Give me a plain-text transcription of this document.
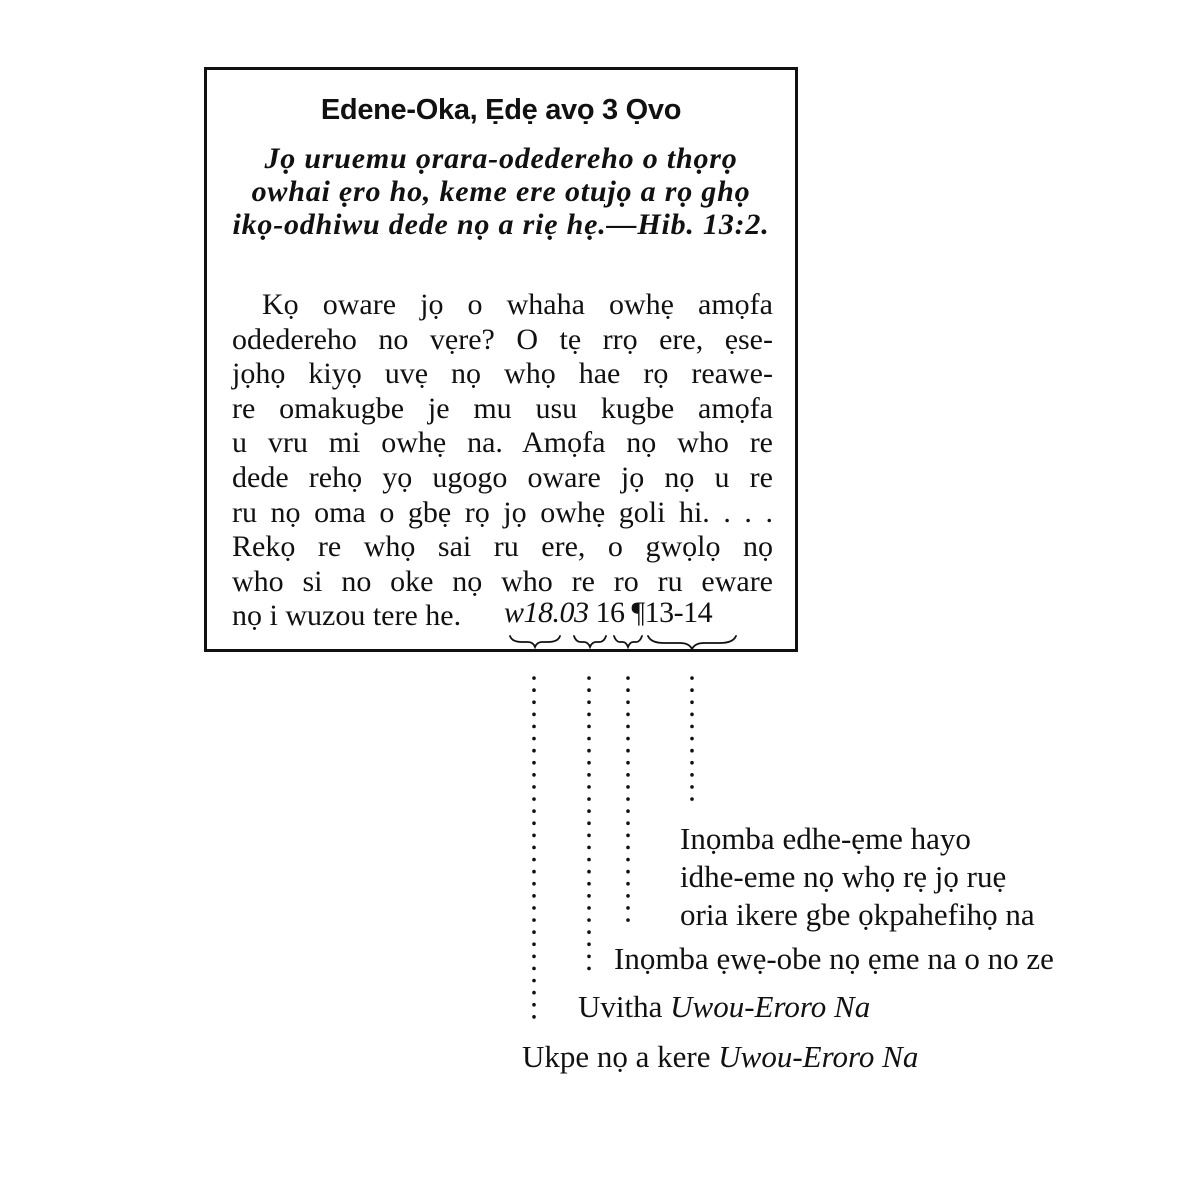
Edene-Oka, Ẹdẹ avọ 3 Ọvo
Jọ uruemu ọrara-odedereho o thọrọ owhai ẹro ho, keme ere otujọ a rọ ghọ ikọ-odhiwu dede nọ a riẹ hẹ.—Hib. 13:2.
Kọ oware jọ o whaha owhẹ amọfa
odedereho no vẹre? O tẹ rrọ ere, ẹse-
jọhọ kiyọ uvẹ nọ whọ hae rọ reawe-
re omakugbe je mu usu kugbe amọfa
u vru mi owhẹ na. Amọfa nọ who re
dede rehọ yọ ugogo oware jọ nọ u re
ru nọ oma o gbẹ rọ jọ owhẹ goli hi. . . .
Rekọ re whọ sai ru ere, o gwọlọ nọ
who si no oke nọ who re ro ru eware
nọ i wuzou tere he.	w18.03 16 ¶13-14
Inọmba edhe-ẹme hayo
idhe-eme nọ whọ rẹ jọ ruẹ
oria ikere gbe ọkpahefihọ na
Inọmba ẹwẹ-obe nọ ẹme na o no ze
Uvitha Uwou-Eroro Na
Ukpe nọ a kere Uwou-Eroro Na
